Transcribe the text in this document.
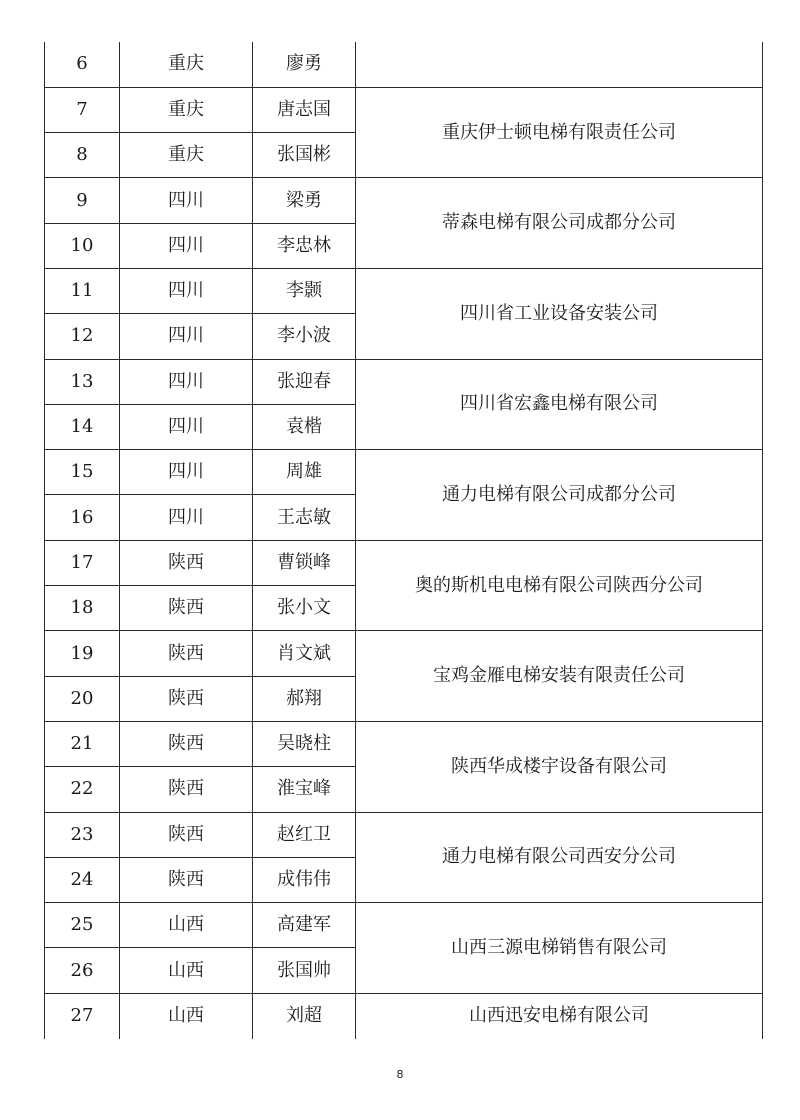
6	重庆	廖勇	
7	重庆	唐志国	重庆伊士顿电梯有限责任公司
8	重庆	张国彬	
9	四川	梁勇	蒂森电梯有限公司成都分公司
10	四川	李忠林	
11	四川	李颢	四川省工业设备安装公司
12	四川	李小波	
13	四川	张迎春	四川省宏鑫电梯有限公司
14	四川	袁楷	
15	四川	周雄	通力电梯有限公司成都分公司
16	四川	王志敏	
17	陕西	曹锁峰	奥的斯机电电梯有限公司陕西分公司
18	陕西	张小文	
19	陕西	肖文斌	宝鸡金雁电梯安装有限责任公司
20	陕西	郝翔	
21	陕西	吴晓柱	陕西华成楼宇设备有限公司
22	陕西	淮宝峰	
23	陕西	赵红卫	通力电梯有限公司西安分公司
24	陕西	成伟伟	
25	山西	高建军	山西三源电梯销售有限公司
26	山西	张国帅	
27	山西	刘超	山西迅安电梯有限公司
8
